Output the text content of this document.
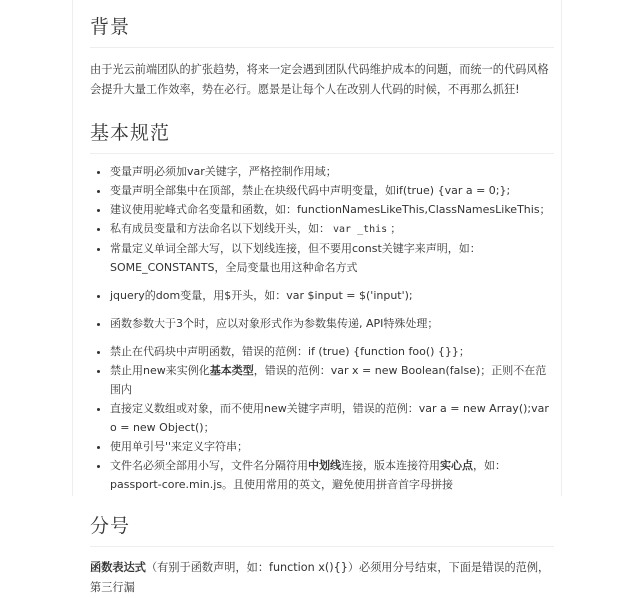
背景

由于光云前端团队的扩张趋势，将来一定会遇到团队代码维护成本的问题，而统一的代码风格会提升大量工作效率，势在必行。愿景是让每个人在改别人代码的时候，不再那么抓狂!

基本规范
• 变量声明必须加var关键字，严格控制作用域；
• 变量声明全部集中在顶部，禁止在块级代码中声明变量，如if(true) {var a = 0;};
• 建议使用驼峰式命名变量和函数，如：functionNamesLikeThis,ClassNamesLikeThis；
• 私有成员变量和方法命名以下划线开头，如： var _this ；
• 常量定义单词全部大写，以下划线连接，但不要用const关键字来声明，如：SOME_CONSTANTS，全局变量也用这种命名方式
• jquery的dom变量，用$开头，如：var $input = $('input');
• 函数参数大于3个时，应以对象形式作为参数集传递, API特殊处理；
• 禁止在代码块中声明函数，错误的范例：if (true) {function foo() {}}；
• 禁止用new来实例化基本类型，错误的范例：var x = new Boolean(false)；正则不在范围内
• 直接定义数组或对象，而不使用new关键字声明，错误的范例：var a = new Array();var o = new Object()；
• 使用单引号''来定义字符串；
• 文件名必须全部用小写，文件名分隔符用中划线连接，版本连接符用实心点，如：passport-core.min.js。且使用常用的英文，避免使用拼音首字母拼接
分号

函数表达式（有别于函数声明，如：function x(){}）必须用分号结束，下面是错误的范例，第三行漏
